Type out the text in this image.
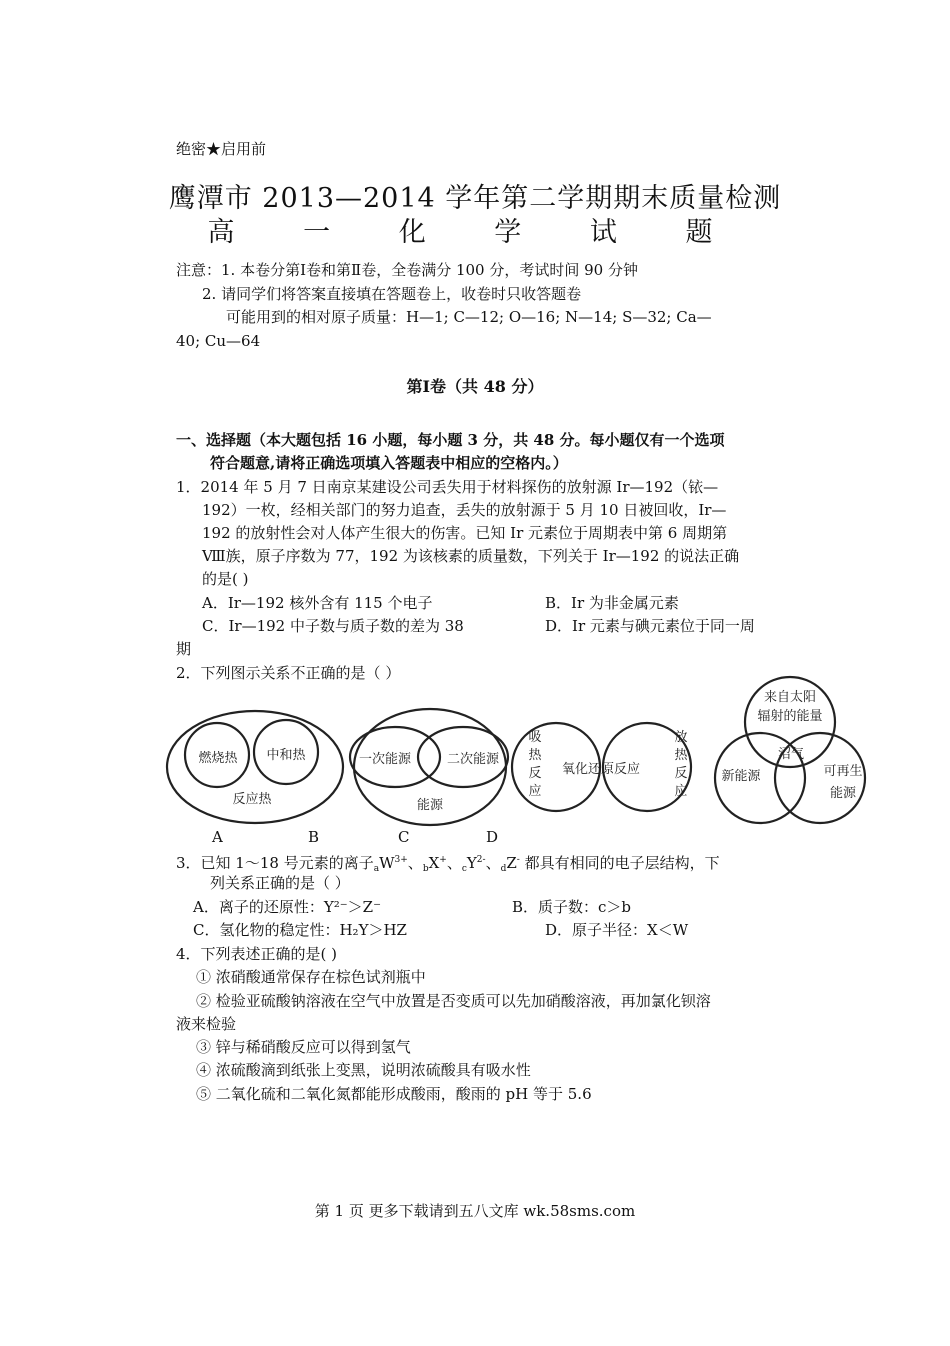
绝密★启用前
鹰潭市 2013—2014 学年第二学期期末质量检测
高 一 化 学 试 题
注意：1. 本卷分第Ⅰ卷和第Ⅱ卷，全卷满分 100 分，考试时间 90 分钟
2. 请同学们将答案直接填在答题卷上，收卷时只收答题卷
可能用到的相对原子质量：H—1; C—12; O—16; N—14; S—32; Ca—
40; Cu—64
第Ⅰ卷（共 48 分）
一、选择题（本大题包括 16 小题，每小题 3 分，共 48 分。每小题仅有一个选项
符合题意,请将正确选项填入答题表中相应的空格内。）
1．2014 年 5 月 7 日南京某建设公司丢失用于材料探伤的放射源 Ir—192（铱—
192）一枚，经相关部门的努力追查，丢失的放射源于 5 月 10 日被回收，Ir—
192 的放射性会对人体产生很大的伤害。已知 Ir 元素位于周期表中第 6 周期第
Ⅷ族，原子序数为 77，192 为该核素的质量数，下列关于 Ir—192 的说法正确
的是( )
A．Ir—192 核外含有 115 个电子	B．Ir 为非金属元素
C．Ir—192 中子数与质子数的差为 38	D．Ir 元素与碘元素位于同一周
期
2．下列图示关系不正确的是（ ）
燃烧热 中和热
反应热
一次能源	二次能源
能源
氧化还原反应
吸
热
反
应
放
热
反
应
来自太阳
辐射的能量
沼气
新能源	可再生
能源
A	B	C	D
3．已知 1～18 号元素的离子$_aW^{3+}$、$_b$X+、$_cY^{2-}$、$_d$Z- 都具有相同的电子层结构，下
列关系正确的是（ ）
A．离子的还原性：Y²⁻＞Z⁻	B．质子数：c＞b
C．氢化物的稳定性：H₂Y＞HZ	D．原子半径：X＜W
4．下列表述正确的是( )
① 浓硝酸通常保存在棕色试剂瓶中
② 检验亚硫酸钠溶液在空气中放置是否变质可以先加硝酸溶液，再加氯化钡溶
液来检验
③ 锌与稀硝酸反应可以得到氢气
④ 浓硫酸滴到纸张上变黑，说明浓硫酸具有吸水性
⑤ 二氧化硫和二氧化氮都能形成酸雨，酸雨的 pH 等于 5.6
第 1 页 更多下载请到五八文库 wk.58sms.com
